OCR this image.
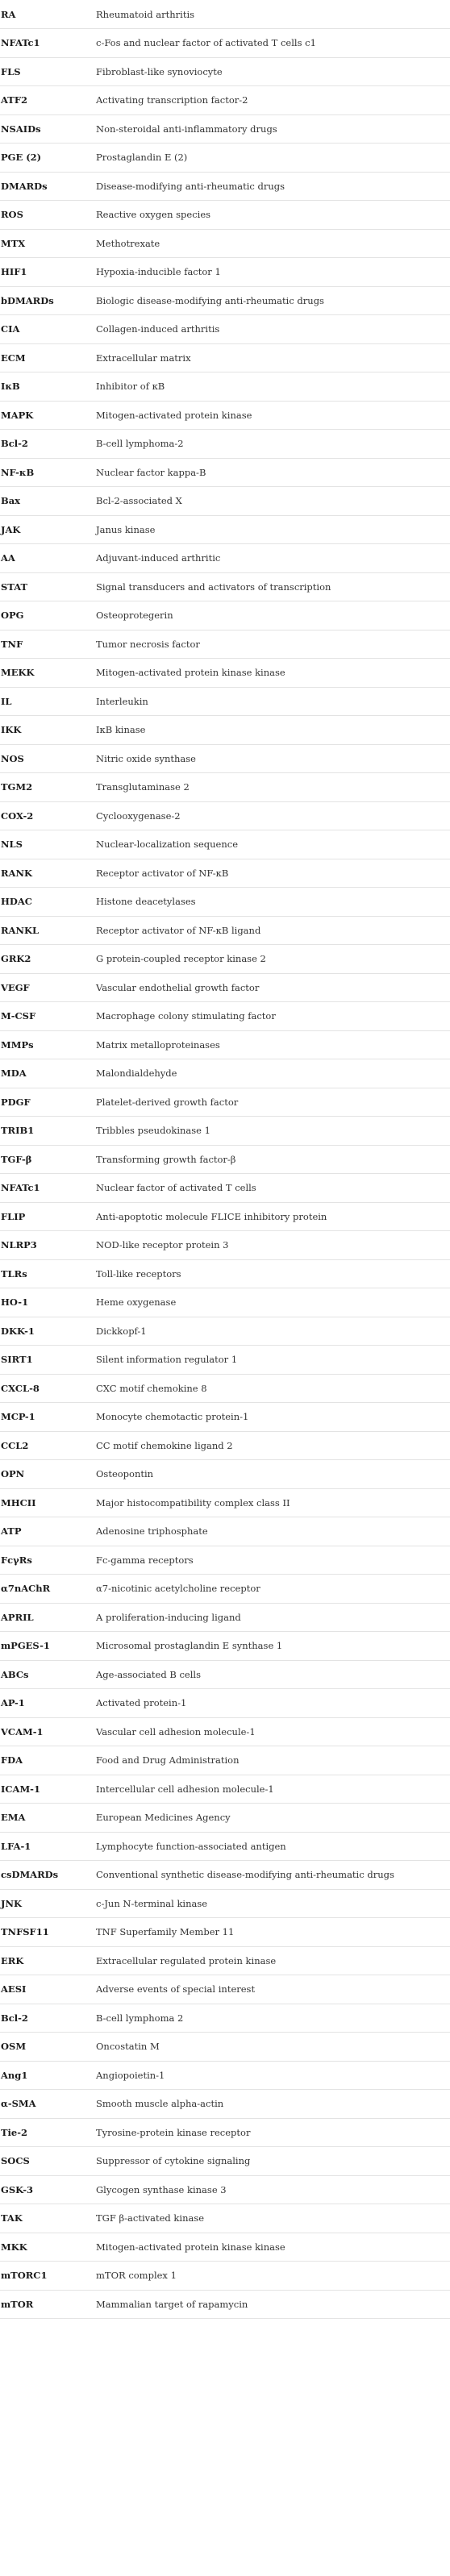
RA	Rheumatoid arthritis
NFATc1	c-Fos and nuclear factor of activated T cells c1
FLS	Fibroblast-like synoviocyte
ATF2	Activating transcription factor-2
NSAIDs	Non-steroidal anti-inflammatory drugs
PGE (2)	Prostaglandin E (2)
DMARDs	Disease-modifying anti-rheumatic drugs
ROS	Reactive oxygen species
MTX	Methotrexate
HIF1	Hypoxia-inducible factor 1
bDMARDs	Biologic disease-modifying anti-rheumatic drugs
CIA	Collagen-induced arthritis
ECM	Extracellular matrix
IκB	Inhibitor of κB
MAPK	Mitogen-activated protein kinase
Bcl-2	B-cell lymphoma-2
NF-κB	Nuclear factor kappa-B
Bax	Bcl-2-associated X
JAK	Janus kinase
AA	Adjuvant-induced arthritic
STAT	Signal transducers and activators of transcription
OPG	Osteoprotegerin
TNF	Tumor necrosis factor
MEKK	Mitogen-activated protein kinase kinase
IL	Interleukin
IKK	IκB kinase
NOS	Nitric oxide synthase
TGM2	Transglutaminase 2
COX-2	Cyclooxygenase-2
NLS	Nuclear-localization sequence
RANK	Receptor activator of NF-κB
HDAC	Histone deacetylases
RANKL	Receptor activator of NF-κB ligand
GRK2	G protein-coupled receptor kinase 2
VEGF	Vascular endothelial growth factor
M-CSF	Macrophage colony stimulating factor
MMPs	Matrix metalloproteinases
MDA	Malondialdehyde
PDGF	Platelet-derived growth factor
TRIB1	Tribbles pseudokinase 1
TGF-β	Transforming growth factor-β
NFATc1	Nuclear factor of activated T cells
FLIP	Anti-apoptotic molecule FLICE inhibitory protein
NLRP3	NOD-like receptor protein 3
TLRs	Toll-like receptors
HO-1	Heme oxygenase
DKK-1	Dickkopf-1
SIRT1	Silent information regulator 1
CXCL-8	CXC motif chemokine 8
MCP-1	Monocyte chemotactic protein-1
CCL2	CC motif chemokine ligand 2
OPN	Osteopontin
MHCII	Major histocompatibility complex class II
ATP	Adenosine triphosphate
FcγRs	Fc-gamma receptors
α7nAChR	α7-nicotinic acetylcholine receptor
APRIL	A proliferation-inducing ligand
mPGES-1	Microsomal prostaglandin E synthase 1
ABCs	Age-associated B cells
AP-1	Activated protein-1
VCAM-1	Vascular cell adhesion molecule-1
FDA	Food and Drug Administration
ICAM-1	Intercellular cell adhesion molecule-1
EMA	European Medicines Agency
LFA-1	Lymphocyte function-associated antigen
csDMARDs	Conventional synthetic disease-modifying anti-rheumatic drugs
JNK	c-Jun N-terminal kinase
TNFSF11	TNF Superfamily Member 11
ERK	Extracellular regulated protein kinase
AESI	Adverse events of special interest
Bcl-2	B-cell lymphoma 2
OSM	Oncostatin M
Ang1	Angiopoietin-1
α-SMA	Smooth muscle alpha-actin
Tie-2	Tyrosine-protein kinase receptor
SOCS	Suppressor of cytokine signaling
GSK-3	Glycogen synthase kinase 3
TAK	TGF β-activated kinase
MKK	Mitogen-activated protein kinase kinase
mTORC1	mTOR complex 1
mTOR	Mammalian target of rapamycin
